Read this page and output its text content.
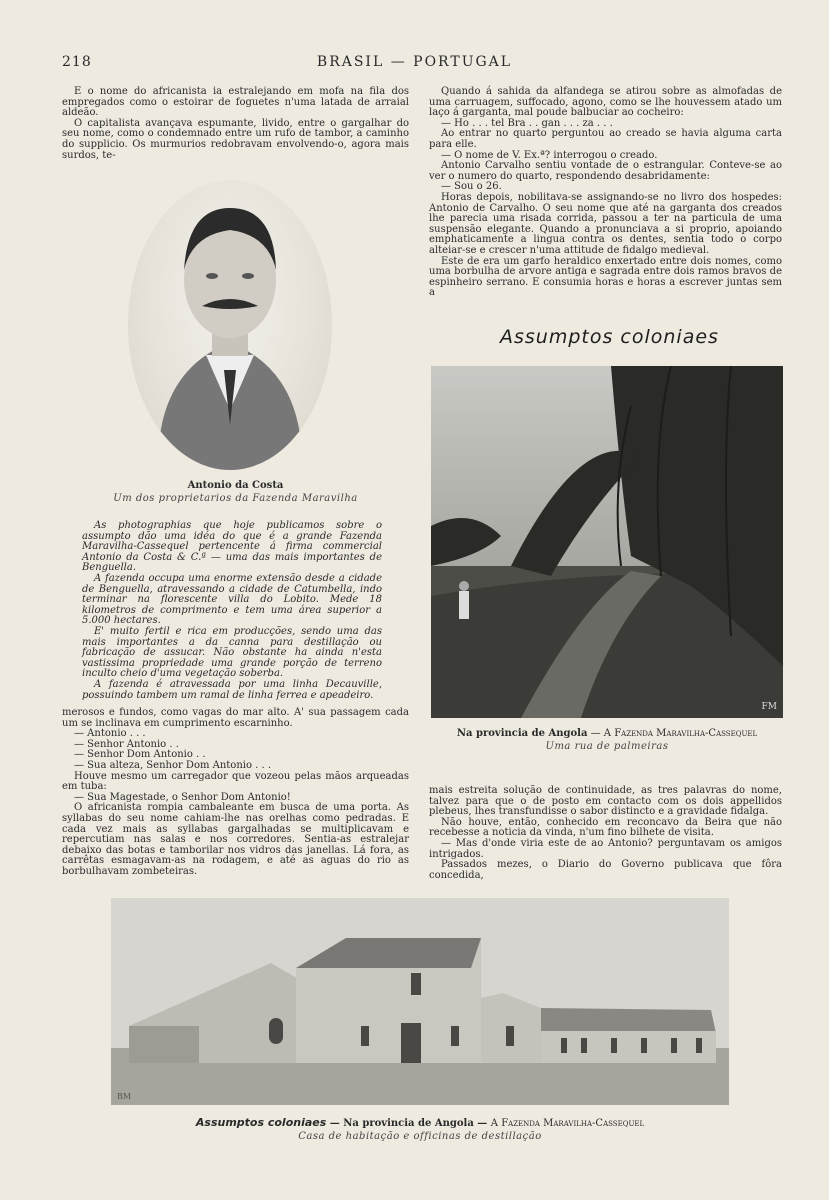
218	BRASIL — PORTUGAL

E o nome do africanista ia estralejando em mofa na fila dos empregados como o estoirar de foguetes n'uma latada de arraial aldeão.

O capitalista avançava espumante, livido, entre o gargalhar do seu nome, como o condemnado entre um rufo de tambor, a caminho do supplicio. Os murmurios redobravam envolvendo-o, agora mais surdos, te-

Antonio da Costa
Um dos proprietarios da Fazenda Maravilha

As photographias que hoje publicamos sobre o assumpto dão uma idéa do que é a grande Fazenda Maravilha-Cassequel pertencente á firma commercial Antonio da Costa & C.ª — uma das mais importantes de Benguella.

A fazenda occupa uma enorme extensão desde a cidade de Benguella, atravessando a cidade de Catumbella, indo terminar na florescente villa do Lobito. Mede 18 kilometros de comprimento e tem uma área superior a 5.000 hectares.

E' muito fertil e rica em producções, sendo uma das mais importantes a da canna para destillação ou fabricação de assucar. Não obstante ha ainda n'esta vastissima propriedade uma grande porção de terreno inculto cheio d'uma vegetação soberba.

A fazenda é atravessada por uma linha Decauville, possuindo tambem um ramal de linha ferrea e apeadeiro.

merosos e fundos, como vagas do mar alto. A' sua passagem cada um se inclinava em cumprimento escarninho.

— Antonio . . .

— Senhor Antonio . .

— Senhor Dom Antonio . .

— Sua alteza, Senhor Dom Antonio . . .

Houve mesmo um carregador que vozeou pelas mãos arqueadas em tuba:

— Sua Magestade, o Senhor Dom Antonio!

O africanista rompia cambaleante em busca de uma porta. As syllabas do seu nome cahiam-lhe nas orelhas como pedradas. E cada vez mais as syllabas gargalhadas se multiplicavam e repercutiam nas salas e nos corredores. Sentia-as estralejar debaixo das botas e tamborilar nos vidros das janellas. Lá fora, as carrêtas esmagavam-as na rodagem, e até as aguas do rio as borbulhavam zombeteiras.

Quando á sahida da alfandega se atirou sobre as almofadas de uma carruagem, suffocado, agono, como se lhe houvessem atado um laço á garganta, mal poude balbuciar ao cocheiro:

— Ho . . . tel Bra . . gan . . . za . . .

Ao entrar no quarto perguntou ao creado se havia alguma carta para elle.

— O nome de V. Ex.ª? interrogou o creado.

Antonio Carvalho sentiu vontade de o estrangular. Conteve-se ao ver o numero do quarto, respondendo desabridamente:

— Sou o 26.

Horas depois, nobilitava-se assignando-se no livro dos hospedes: Antonio de Carvalho. O seu nome que até na garganta dos creados lhe parecia uma risada corrida, passou a ter na particula de uma suspensão elegante. Quando a pronunciava a si proprio, apoiando emphaticamente a lingua contra os dentes, sentia todo o corpo alteiar-se e crescer n'uma attitude de fidalgo medieval.

Este de era um garfo heraldico enxertado entre dois nomes, como uma borbulha de arvore antiga e sagrada entre dois ramos bravos de espinheiro serrano. E consumia horas e horas a escrever juntas sem a

Assumptos coloniaes
FM
Na provincia de Angola — A Fazenda Maravilha-Cassequel
Uma rua de palmeiras

mais estreita solução de continuidade, as tres palavras do nome, talvez para que o de posto em contacto com os dois appellidos plebeus, lhes transfundisse o sabor distincto e a gravidade fidalga.

Não houve, então, conhecido em reconcavo da Beira que não recebesse a noticia da vinda, n'um fino bilhete de visita.

— Mas d'onde viria este de ao Antonio? perguntavam os amigos intrigados.

Passados mezes, o Diario do Governo publicava que fôra concedida,

BM
Assumptos coloniaes — Na provincia de Angola — A Fazenda Maravilha-Cassequel
Casa de habitação e officinas de destillação
